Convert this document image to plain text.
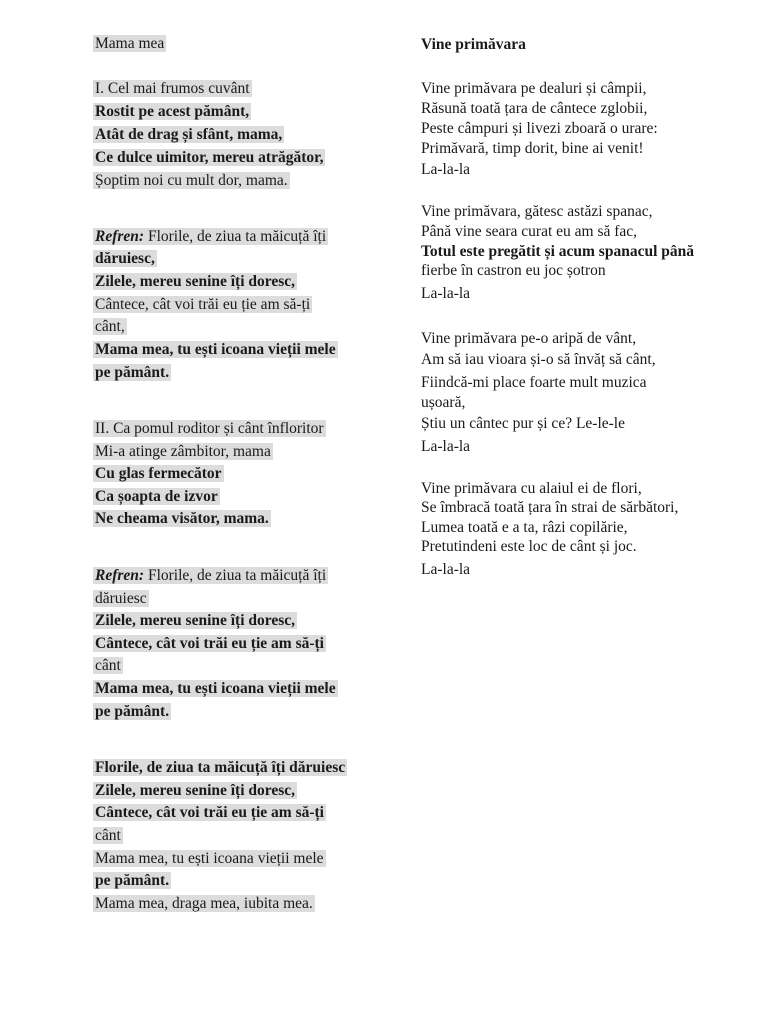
Mama mea
I. Cel mai frumos cuvânt
Rostit pe acest pământ,
Atât de drag și sfânt, mama,
Ce dulce uimitor, mereu atrăgător,
Șoptim noi cu mult dor, mama.
Refren: Florile, de ziua ta măicuță îți
dăruiesc,
Zilele, mereu senine îți doresc,
Cântece, cât voi trăi eu ție am să-ți
cânt,
Mama mea, tu ești icoana vieții mele
pe pământ.
II. Ca pomul roditor și cânt înfloritor
Mi-a atinge zâmbitor, mama
Cu glas fermecător
Ca șoapta de izvor
Ne cheama visător, mama.
Refren: Florile, de ziua ta măicuță îți
dăruiesc
Zilele, mereu senine îți doresc,
Cântece, cât voi trăi eu ție am să-ți
cânt
Mama mea, tu ești icoana vieții mele
pe pământ.
Florile, de ziua ta măicuță îți dăruiesc
Zilele, mereu senine îți doresc,
Cântece, cât voi trăi eu ție am să-ți
cânt
Mama mea, tu ești icoana vieții mele
pe pământ.
Mama mea, draga mea, iubita mea.
Vine primăvara
Vine primăvara pe dealuri și câmpii,
Răsună toată țara de cântece zglobii,
Peste câmpuri și livezi zboară o urare:
Primăvară, timp dorit, bine ai venit!
La-la-la
Vine primăvara, gătesc astăzi spanac,
Până vine seara curat eu am să fac,
Totul este pregătit și acum spanacul până
fierbe în castron eu joc șotron
La-la-la
Vine primăvara pe-o aripă de vânt,
Am să iau vioara și-o să învăț să cânt,
Fiindcă-mi place foarte mult muzica
ușoară,
Știu un cântec pur și ce? Le-le-le
La-la-la
Vine primăvara cu alaiul ei de flori,
Se îmbracă toată țara în strai de sărbători,
Lumea toată e a ta, râzi copilărie,
Pretutindeni este loc de cânt și joc.
La-la-la
